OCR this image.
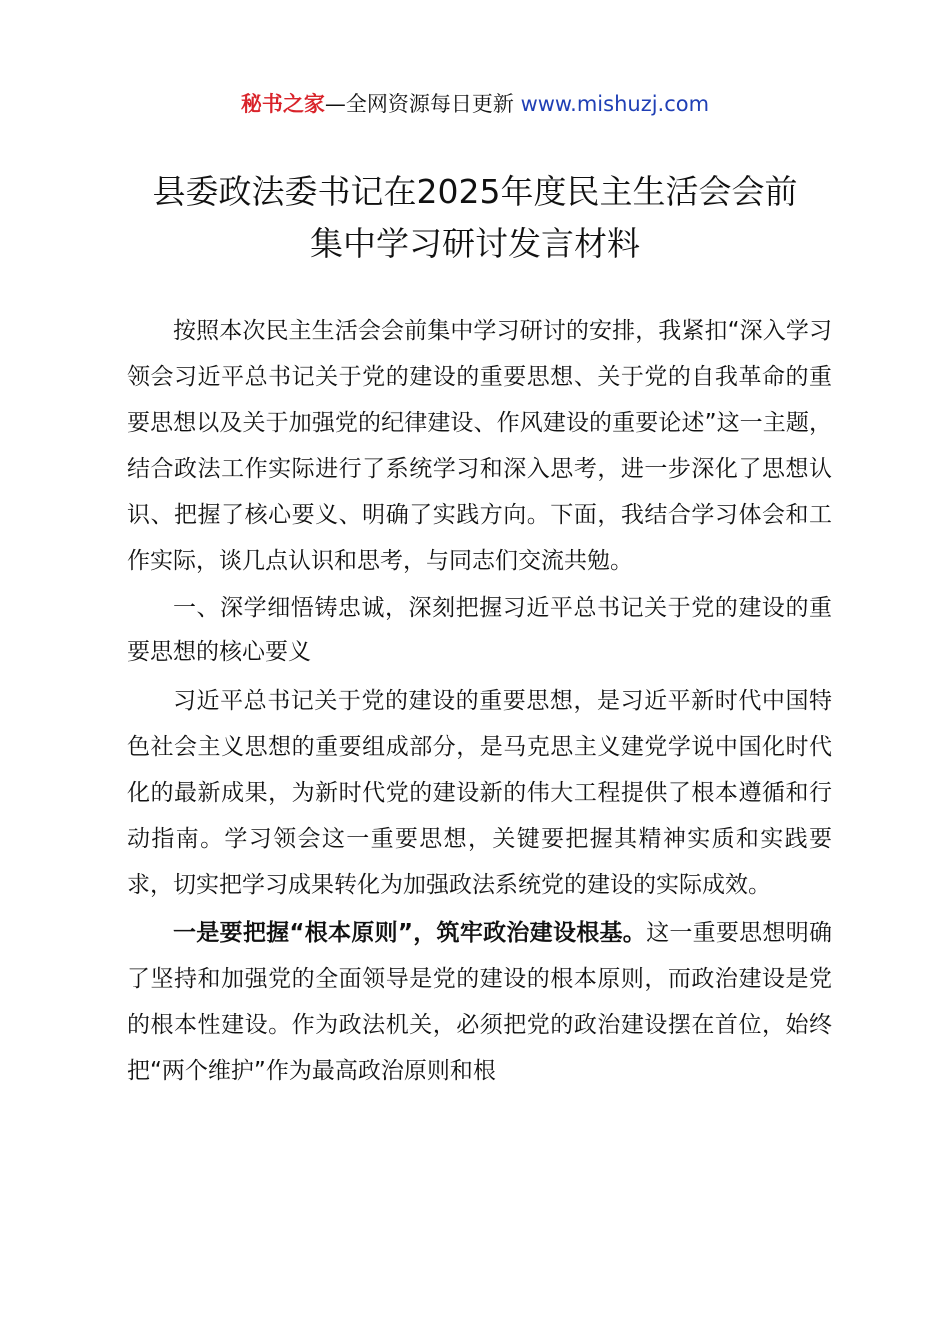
秘书之家—全网资源每日更新 www.mishuzj.com
县委政法委书记在2025年度民主生活会会前
集中学习研讨发言材料

按照本次民主生活会会前集中学习研讨的安排，我紧扣“深入学习领会习近平总书记关于党的建设的重要思想、关于党的自我革命的重要思想以及关于加强党的纪律建设、作风建设的重要论述”这一主题，结合政法工作实际进行了系统学习和深入思考，进一步深化了思想认识、把握了核心要义、明确了实践方向。下面，我结合学习体会和工作实际，谈几点认识和思考，与同志们交流共勉。

一、深学细悟铸忠诚，深刻把握习近平总书记关于党的建设的重要思想的核心要义

习近平总书记关于党的建设的重要思想，是习近平新时代中国特色社会主义思想的重要组成部分，是马克思主义建党学说中国化时代化的最新成果，为新时代党的建设新的伟大工程提供了根本遵循和行动指南。学习领会这一重要思想，关键要把握其精神实质和实践要求，切实把学习成果转化为加强政法系统党的建设的实际成效。

一是要把握“根本原则”，筑牢政治建设根基。这一重要思想明确了坚持和加强党的全面领导是党的建设的根本原则，而政治建设是党的根本性建设。作为政法机关，必须把党的政治建设摆在首位，始终把“两个维护”作为最高政治原则和根
